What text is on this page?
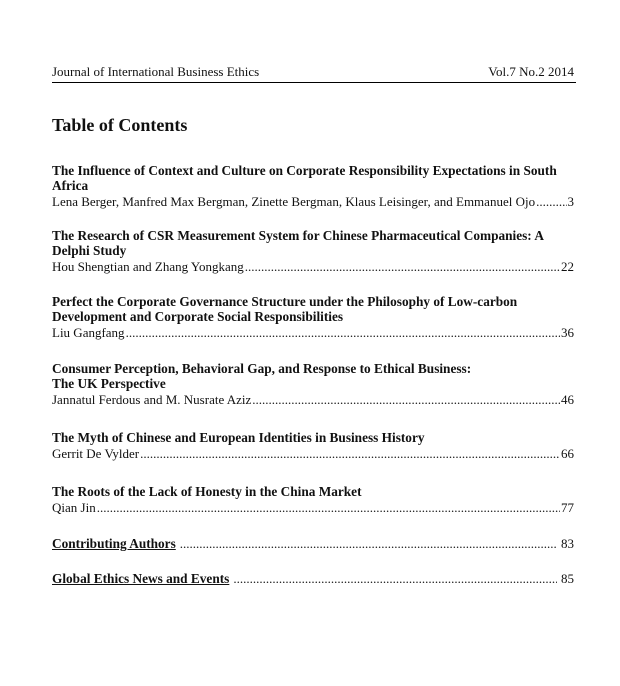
Journal of International Business Ethics	Vol.7 No.2 2014
Table of Contents
The Influence of Context and Culture on Corporate Responsibility Expectations in South
Africa
Lena Berger, Manfred Max Bergman, Zinette Bergman, Klaus Leisinger, and Emmanuel Ojo ..... 3
The Research of CSR Measurement System for Chinese Pharmaceutical Companies: A
Delphi Study
Hou Shengtian and Zhang Yongkang .....	22
Perfect the Corporate Governance Structure under the Philosophy of Low-carbon
Development and Corporate Social Responsibilities
Liu Gangfang .....	36
Consumer Perception, Behavioral Gap, and Response to Ethical Business:
The UK Perspective
Jannatul Ferdous and M. Nusrate Aziz .....	46
The Myth of Chinese and European Identities in Business History
Gerrit De Vylder .....	66
The Roots of the Lack of Honesty in the China Market
Qian Jin .....	77
Contributing Authors .....	83
Global Ethics News and Events .....	85
